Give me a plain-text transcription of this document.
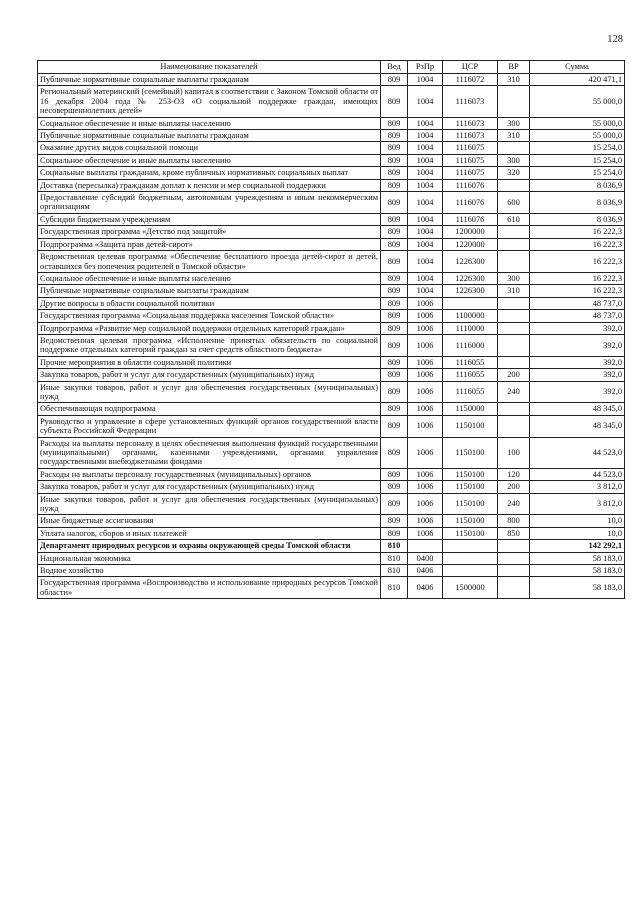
128
Наименование показателей	Вед	РзПр	ЦСР	ВР	Сумма
Публичные нормативные социальные выплаты гражданам	809	1004	1116072	310	420 471,1
Региональный материнский (семейный) капитал в соответствии с Законом Томской области от 16 декабря 2004 года № 253-ОЗ «О социальной поддержке граждан, имеющих несовершеннолетних детей»	809	1004	1116073		55 000,0
Социальное обеспечение и иные выплаты населению	809	1004	1116073	300	55 000,0
Публичные нормативные социальные выплаты гражданам	809	1004	1116073	310	55 000,0
Оказание других видов социальной помощи	809	1004	1116075		15 254,0
Социальное обеспечение и иные выплаты населению	809	1004	1116075	300	15 254,0
Социальные выплаты гражданам, кроме публичных нормативных социальных выплат	809	1004	1116075	320	15 254,0
Доставка (пересылка) гражданам доплат к пенсии и мер социальной поддержки	809	1004	1116076		8 036,9
Предоставление субсидий бюджетным, автономным учреждениям и иным некоммерческим организациям	809	1004	1116076	600	8 036,9
Субсидии бюджетным учреждениям	809	1004	1116076	610	8 036,9
Государственная программа «Детство под защитой»	809	1004	1200000		16 222,3
Подпрограмма «Защита прав детей-сирот»	809	1004	1220000		16 222,3
Ведомственная целевая программа «Обеспечение бесплатного проезда детей-сирот и детей, оставшихся без попечения родителей в Томской области»	809	1004	1226300		16 222,3
Социальное обеспечение и иные выплаты населению	809	1004	1226300	300	16 222,3
Публичные нормативные социальные выплаты гражданам	809	1004	1226300	310	16 222,3
Другие вопросы в области социальной политики	809	1006			48 737,0
Государственная программа «Социальная поддержка населения Томской области»	809	1006	1100000		48 737,0
Подпрограмма «Развитие мер социальной поддержки отдельных категорий граждан»	809	1006	1110000		392,0
Ведомственная целевая программа «Исполнение принятых обязательств по социальной поддержке отдельных категорий граждан за счет средств областного бюджета»	809	1006	1116000		392,0
Прочие мероприятия в области социальной политики	809	1006	1116055		392,0
Закупка товаров, работ и услуг для государственных (муниципальных) нужд	809	1006	1116055	200	392,0
Иные закупки товаров, работ и услуг для обеспечения государственных (муниципальных) нужд	809	1006	1116055	240	392,0
Обеспечивающая подпрограмма	809	1006	1150000		48 345,0
Руководство и управление в сфере установленных функций органов государственной власти субъекта Российской Федерации	809	1006	1150100		48 345,0
Расходы на выплаты персоналу в целях обеспечения выполнения функций государственными (муниципальными) органами, казенными учреждениями, органами управления государственными внебюджетными фондами	809	1006	1150100	100	44 523,0
Расходы на выплаты персоналу государственных (муниципальных) органов	809	1006	1150100	120	44 523,0
Закупка товаров, работ и услуг для государственных (муниципальных) нужд	809	1006	1150100	200	3 812,0
Иные закупки товаров, работ и услуг для обеспечения государственных (муниципальных) нужд	809	1006	1150100	240	3 812,0
Иные бюджетные ассигнования	809	1006	1150100	800	10,0
Уплата налогов, сборов и иных платежей	809	1006	1150100	850	10,0
Департамент природных ресурсов и охраны окружающей среды Томской области	810				142 292,1
Национальная экономика	810	0400			58 183,0
Водное хозяйство	810	0406			58 183,0
Государственная программа «Воспроизводство и использование природных ресурсов Томской области»	810	0406	1500000		58 183,0
